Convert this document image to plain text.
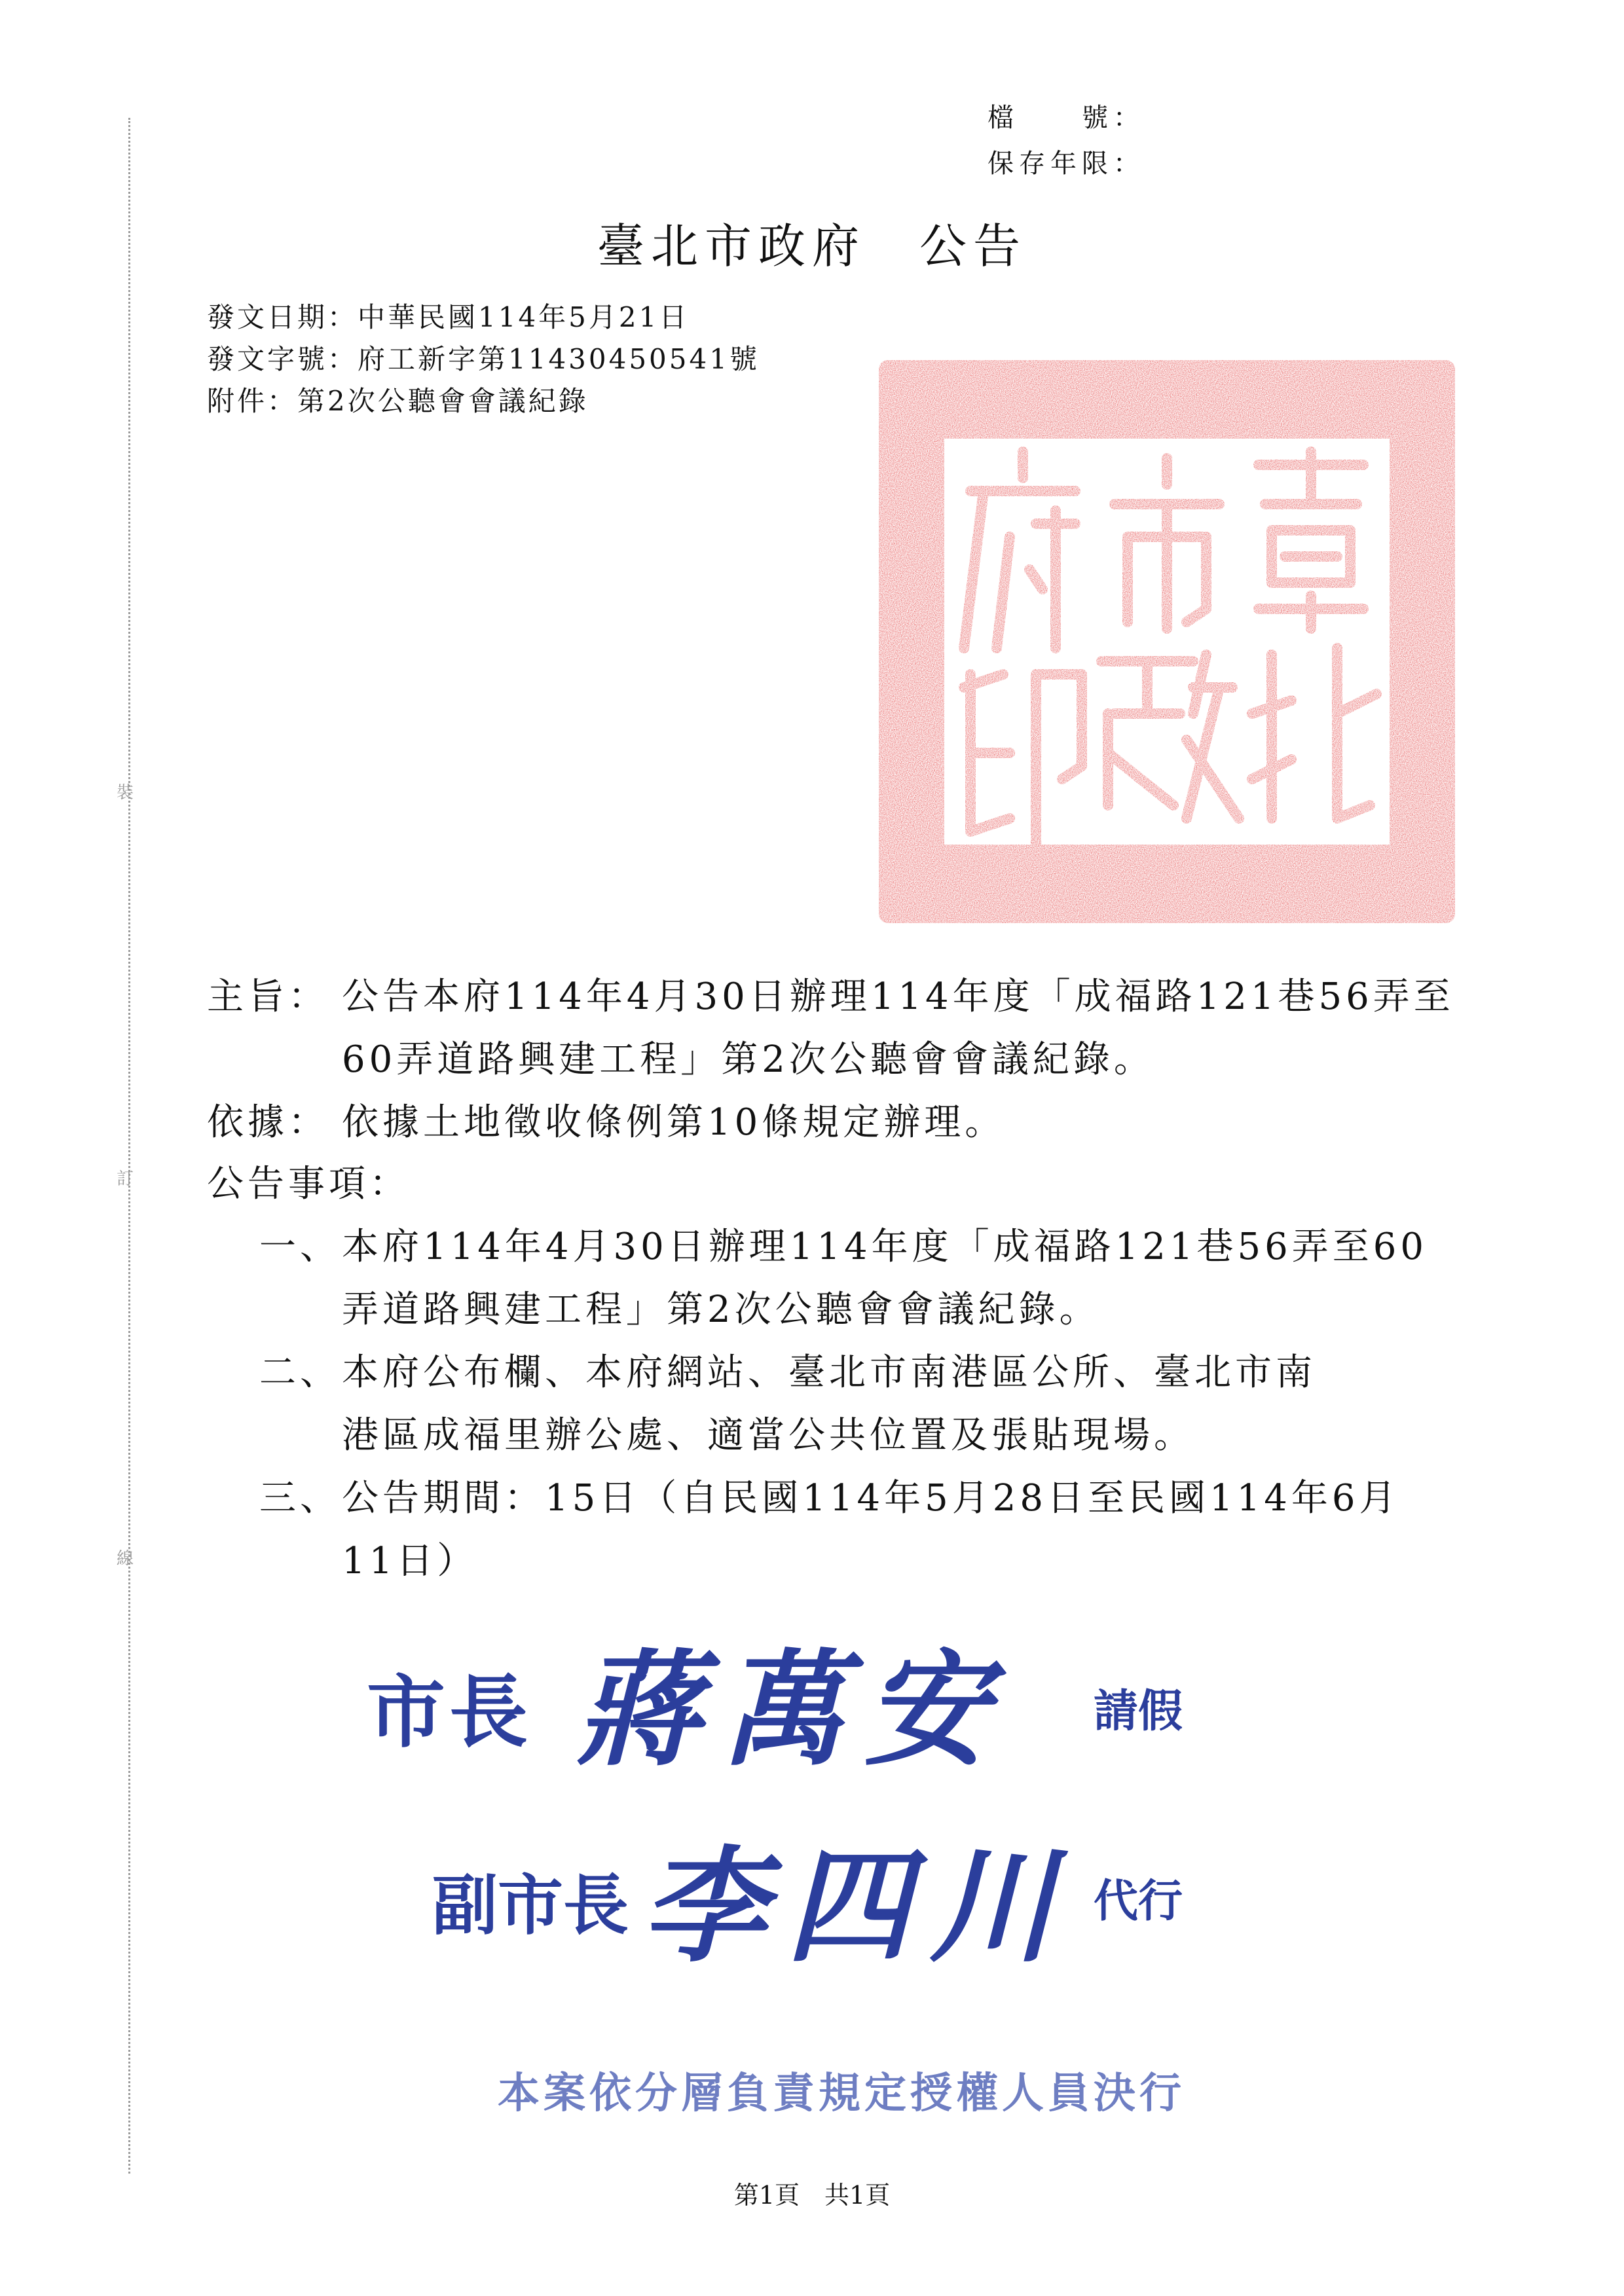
裝
訂
線
檔　　號：
保存年限：
臺北市政府　公告
發文日期：中華民國114年5月21日
發文字號：府工新字第11430450541號
附件：第2次公聽會會議紀錄
主旨： 公告本府114年4月30日辦理114年度「成福路121巷56弄至
60弄道路興建工程」第2次公聽會會議紀錄。
依據： 依據土地徵收條例第10條規定辦理。
公告事項：
一、 本府114年4月30日辦理114年度「成福路121巷56弄至60
弄道路興建工程」第2次公聽會會議紀錄。
二、 本府公布欄、本府網站、臺北市南港區公所、臺北市南
港區成福里辦公處、適當公共位置及張貼現場。
三、 公告期間：15日（自民國114年5月28日至民國114年6月
11日）
市長 蔣萬安 請假
副市長 李四川 代行
本案依分層負責規定授權人員決行
第1頁　共1頁
